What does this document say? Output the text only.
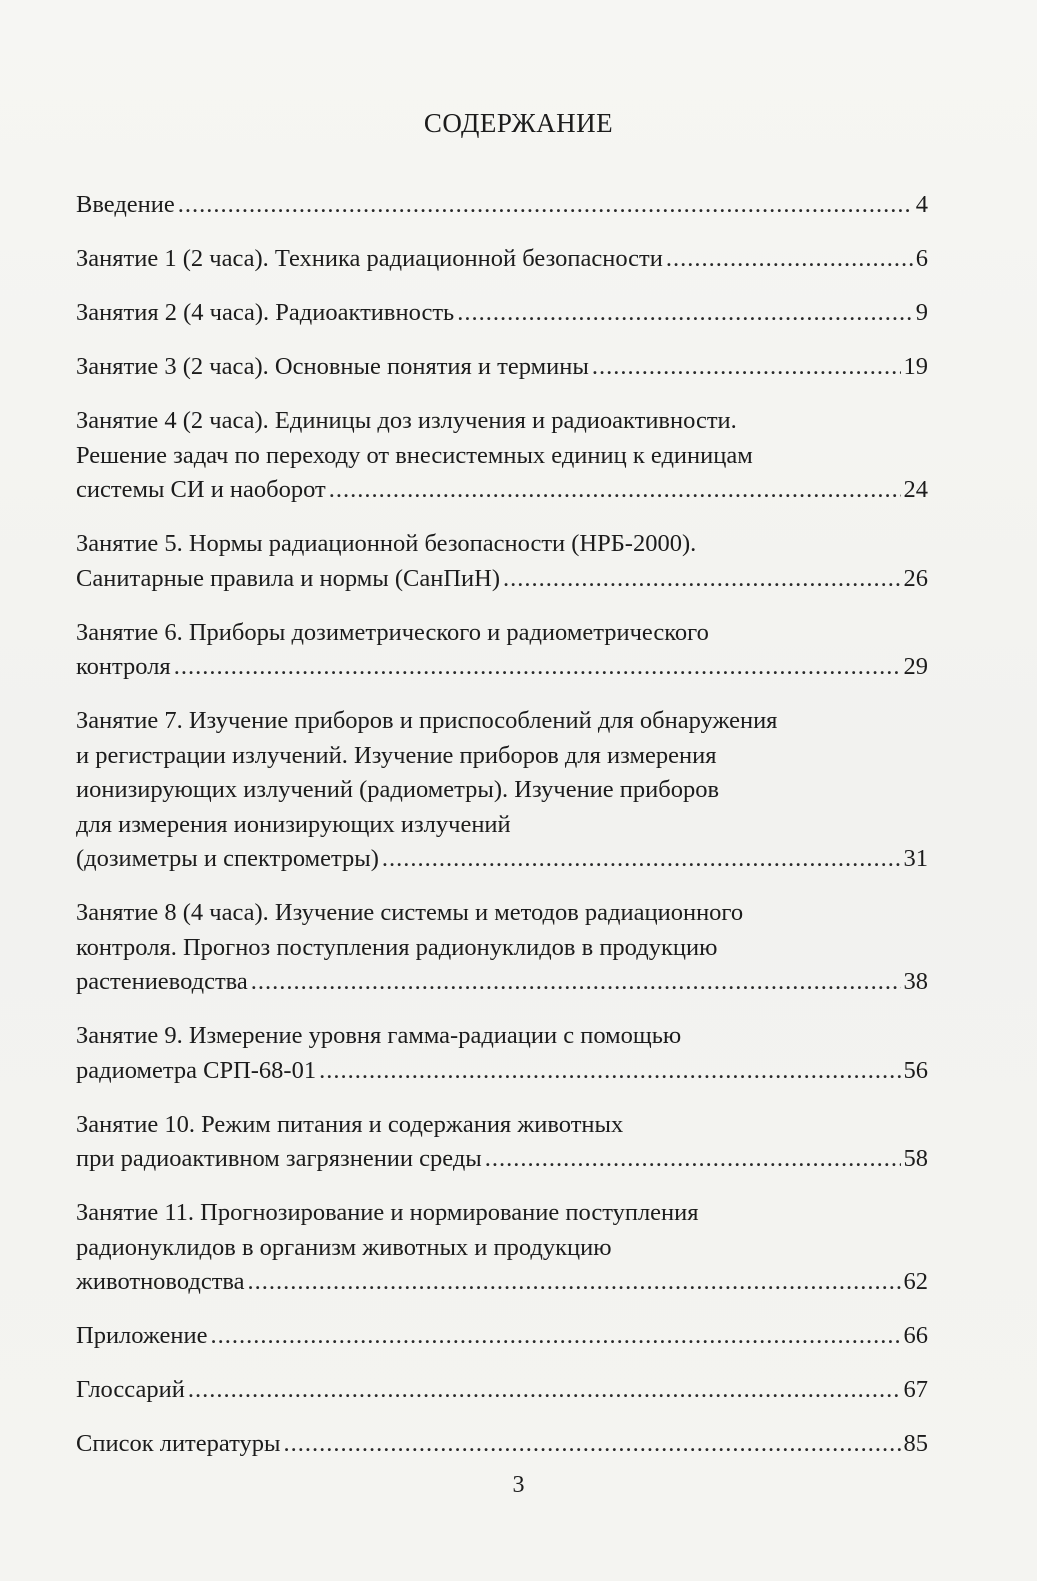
СОДЕРЖАНИЕ
Введение .....	4
Занятие 1 (2 часа). Техника радиационной безопасности .....	6
Занятия 2 (4 часа). Радиоактивность .....	9
Занятие 3 (2 часа). Основные понятия и термины .....	19
Занятие 4 (2 часа). Единицы доз излучения и радиоактивности.
Решение задач по переходу от внесистемных единиц к единицам
системы СИ и наоборот .....	24
Занятие 5. Нормы радиационной безопасности (НРБ-2000).
Санитарные правила и нормы (СанПиН) .....	26
Занятие 6. Приборы дозиметрического и радиометрического
контроля .....	29
Занятие 7. Изучение приборов и приспособлений для обнаружения
и регистрации излучений. Изучение приборов для измерения
ионизирующих излучений (радиометры). Изучение приборов
для измерения ионизирующих излучений
(дозиметры и спектрометры) .....	31
Занятие 8 (4 часа). Изучение системы и методов радиационного
контроля. Прогноз поступления радионуклидов в продукцию
растениеводства .....	38
Занятие 9. Измерение уровня гамма-радиации с помощью
радиометра СРП-68-01 .....	56
Занятие 10. Режим питания и содержания животных
при радиоактивном загрязнении среды .....	58
Занятие 11. Прогнозирование и нормирование поступления
радионуклидов в организм животных и продукцию
животноводства .....	62
Приложение .....	66
Глоссарий .....	67
Список литературы .....	85
3
